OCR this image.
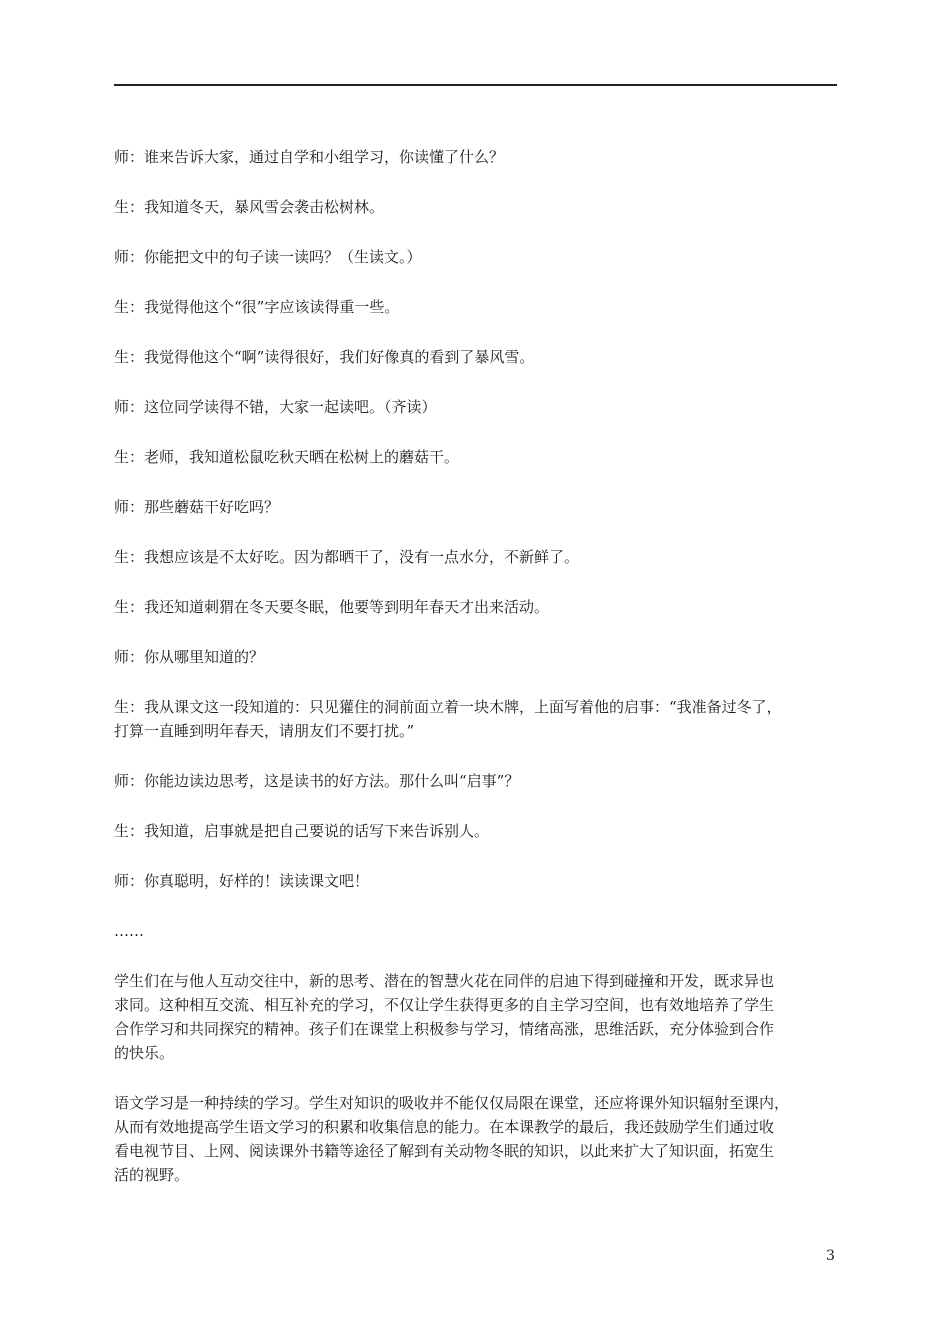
师：谁来告诉大家，通过自学和小组学习，你读懂了什么？

生：我知道冬天，暴风雪会袭击松树林。

师：你能把文中的句子读一读吗？（生读文。）

生：我觉得他这个“很”字应该读得重一些。

生：我觉得他这个“啊”读得很好，我们好像真的看到了暴风雪。

师：这位同学读得不错，大家一起读吧。（齐读）

生：老师，我知道松鼠吃秋天晒在松树上的蘑菇干。

师：那些蘑菇干好吃吗？

生：我想应该是不太好吃。因为都晒干了，没有一点水分，不新鲜了。

生：我还知道刺猬在冬天要冬眠，他要等到明年春天才出来活动。

师：你从哪里知道的？

生：我从课文这一段知道的：只见獾住的洞前面立着一块木牌，上面写着他的启事：“我准备过冬了，
打算一直睡到明年春天，请朋友们不要打扰。”

师：你能边读边思考，这是读书的好方法。那什么叫“启事”？

生：我知道，启事就是把自己要说的话写下来告诉别人。

师：你真聪明，好样的！读读课文吧！

……

学生们在与他人互动交往中，新的思考、潜在的智慧火花在同伴的启迪下得到碰撞和开发，既求异也
求同。这种相互交流、相互补充的学习，不仅让学生获得更多的自主学习空间，也有效地培养了学生
合作学习和共同探究的精神。孩子们在课堂上积极参与学习，情绪高涨，思维活跃，充分体验到合作
的快乐。

语文学习是一种持续的学习。学生对知识的吸收并不能仅仅局限在课堂，还应将课外知识辐射至课内，
从而有效地提高学生语文学习的积累和收集信息的能力。在本课教学的最后，我还鼓励学生们通过收
看电视节目、上网、阅读课外书籍等途径了解到有关动物冬眠的知识，以此来扩大了知识面，拓宽生
活的视野。

3
